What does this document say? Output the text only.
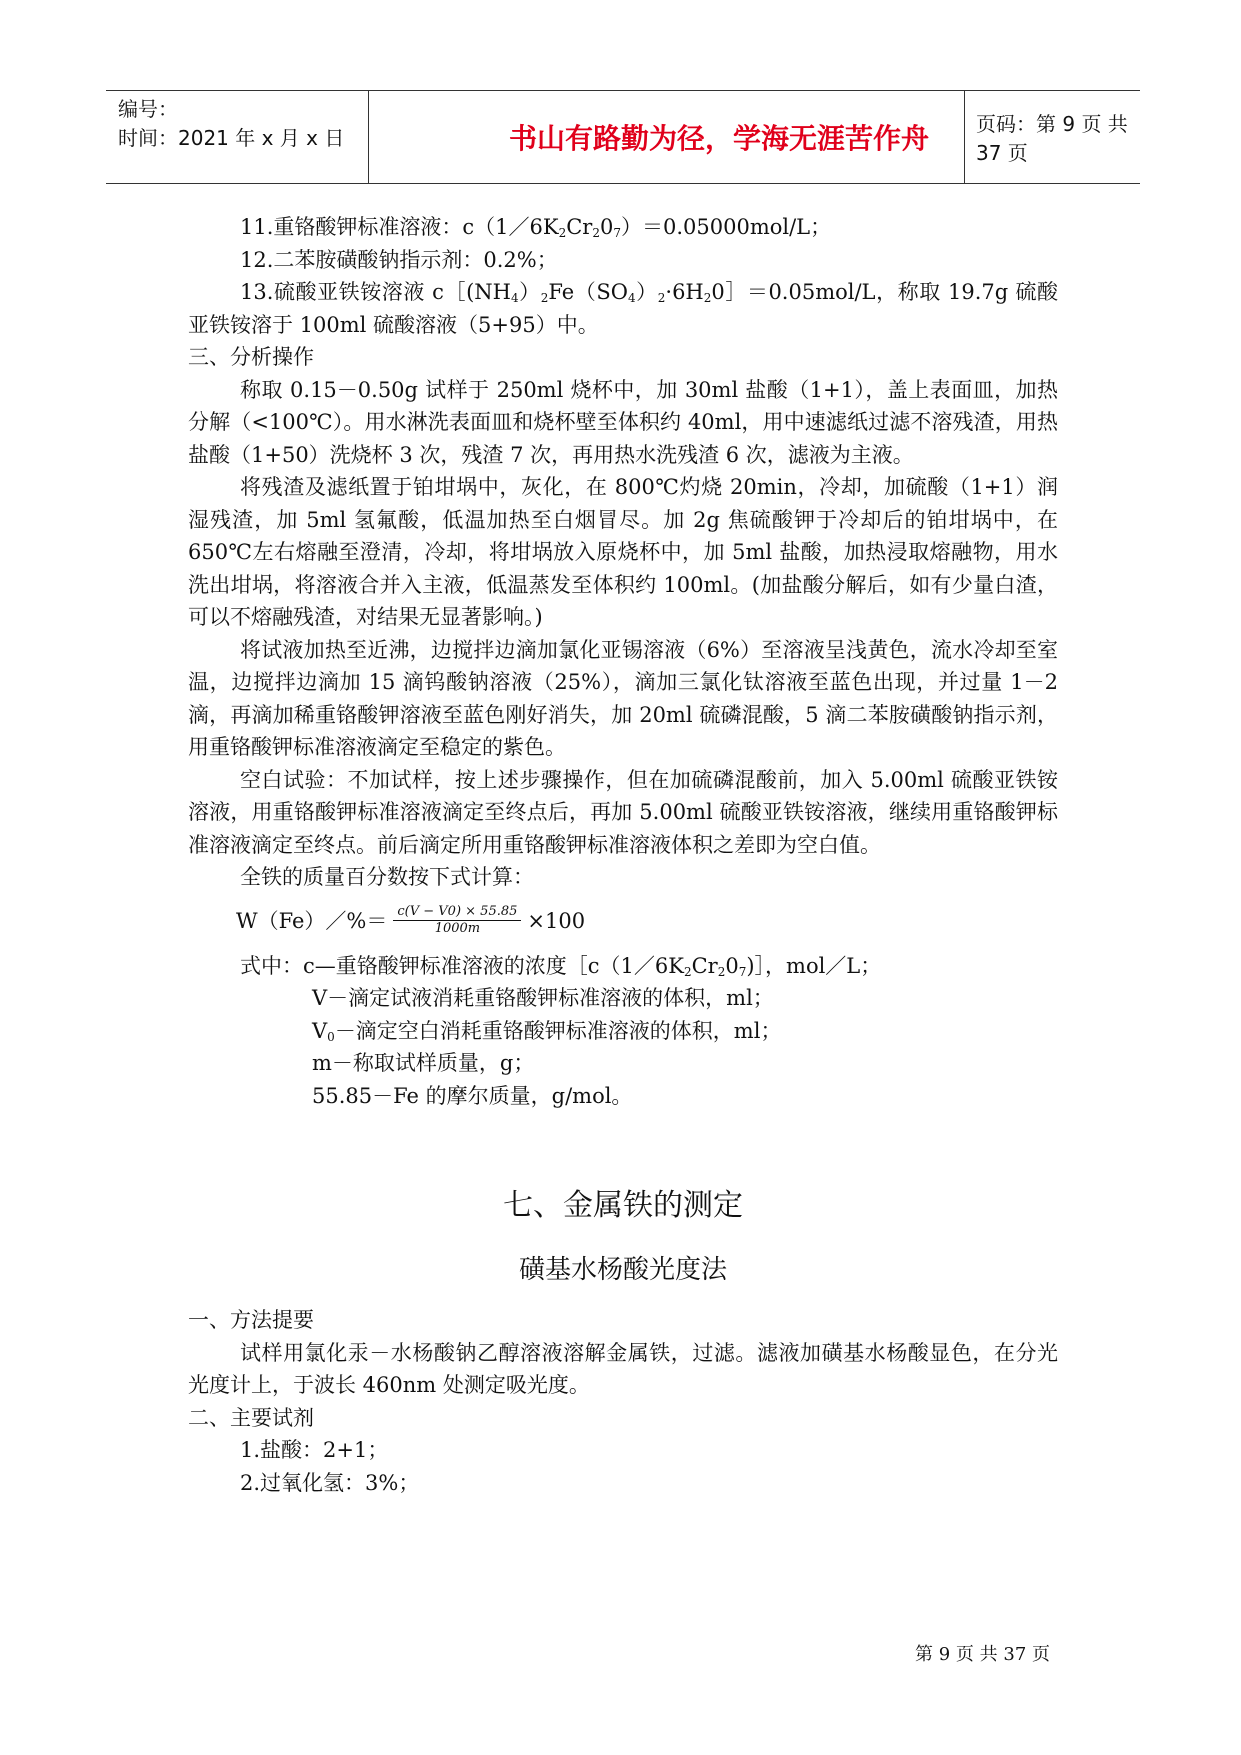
编号：
时间：2021 年 x 月 x 日	书山有路勤为径，学海无涯苦作舟	页码：第 9 页 共 37 页

11.重铬酸钾标准溶液：$c(1/6K_2Cr_20_7)=0.05000mol/L$；

12.二苯胺磺酸钠指示剂：0.2%；

13.硫酸亚铁铵溶液 $c[(NH_4)_2Fe(SO_4)_2\cdot 6H_20]=0.05mol/L$，称取 19.7g 硫酸亚铁铵溶于 100ml 硫酸溶液（5+95）中。

三、分析操作

称取 0.15－0.50g 试样于 250ml 烧杯中，加 30ml 盐酸（1+1），盖上表面皿，加热分解（<100℃）。用水淋洗表面皿和烧杯壁至体积约 40ml，用中速滤纸过滤不溶残渣，用热盐酸（1+50）洗烧杯 3 次，残渣 7 次，再用热水洗残渣 6 次，滤液为主液。

将残渣及滤纸置于铂坩埚中，灰化，在 800℃灼烧 20min，冷却，加硫酸（1+1）润湿残渣，加 5ml 氢氟酸，低温加热至白烟冒尽。加 2g 焦硫酸钾于冷却后的铂坩埚中，在 650℃左右熔融至澄清，冷却，将坩埚放入原烧杯中，加 5ml 盐酸，加热浸取熔融物，用水洗出坩埚，将溶液合并入主液，低温蒸发至体积约 100ml。(加盐酸分解后，如有少量白渣，可以不熔融残渣，对结果无显著影响。)

将试液加热至近沸，边搅拌边滴加氯化亚锡溶液（6%）至溶液呈浅黄色，流水冷却至室温，边搅拌边滴加 15 滴钨酸钠溶液（25%），滴加三氯化钛溶液至蓝色出现，并过量 1－2 滴，再滴加稀重铬酸钾溶液至蓝色刚好消失，加 20ml 硫磷混酸，5 滴二苯胺磺酸钠指示剂，用重铬酸钾标准溶液滴定至稳定的紫色。

空白试验：不加试样，按上述步骤操作，但在加硫磷混酸前，加入 5.00ml 硫酸亚铁铵溶液，用重铬酸钾标准溶液滴定至终点后，再加 5.00ml 硫酸亚铁铵溶液，继续用重铬酸钾标准溶液滴定至终点。前后滴定所用重铬酸钾标准溶液体积之差即为空白值。

全铁的质量百分数按下式计算：

W（Fe）／%＝ $\frac{c(V - V0) \times 55.85}{1000m} \times 100$

式中：c—重铬酸钾标准溶液的浓度$[c(1/6K_2Cr_20_7)]$，mol／L；

V－滴定试液消耗重铬酸钾标准溶液的体积，ml；

$V_0-$滴定空白消耗重铬酸钾标准溶液的体积，ml；

m－称取试样质量，g；

55.85－Fe 的摩尔质量，g/mol。

七、金属铁的测定
磺基水杨酸光度法

一、方法提要

试样用氯化汞－水杨酸钠乙醇溶液溶解金属铁，过滤。滤液加磺基水杨酸显色，在分光光度计上，于波长 460nm 处测定吸光度。

二、主要试剂

1.盐酸：2+1；

2.过氧化氢：3%；

第 9 页 共 37 页
